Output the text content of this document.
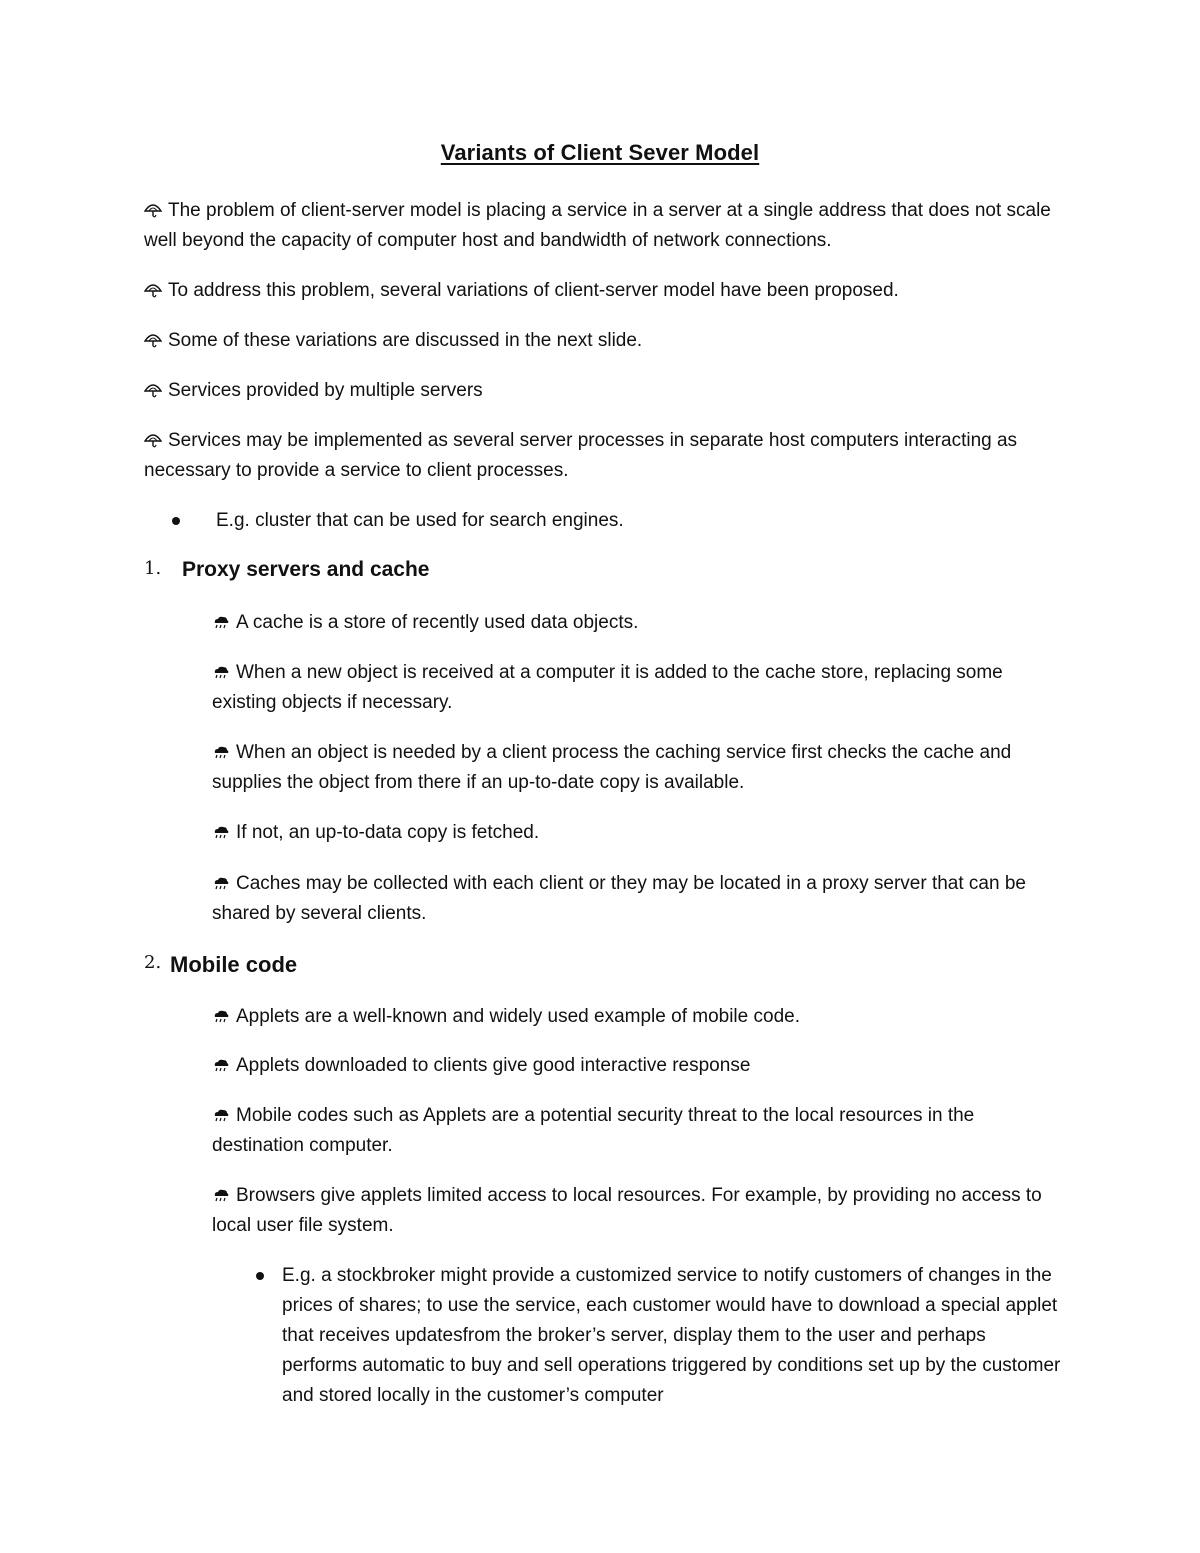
Variants of Client Sever Model

The problem of client-server model is placing a service in a server at a single address that does not scale well beyond the capacity of computer host and bandwidth of network connections.

To address this problem, several variations of client-server model have been proposed.

Some of these variations are discussed in the next slide.

Services provided by multiple servers

Services may be implemented as several server processes in separate host computers interacting as necessary to provide a service to client processes.

E.g. cluster that can be used for search engines.
1. Proxy servers and cache

A cache is a store of recently used data objects.

When a new object is received at a computer it is added to the cache store, replacing some existing objects if necessary.

When an object is needed by a client process the caching service first checks the cache and supplies the object from there if an up-to-date copy is available.

If not, an up-to-data copy is fetched.

Caches may be collected with each client or they may be located in a proxy server that can be shared by several clients.

2. Mobile code

Applets are a well-known and widely used example of mobile code.

Applets downloaded to clients give good interactive response

Mobile codes such as Applets are a potential security threat to the local resources in the destination computer.

Browsers give applets limited access to local resources. For example, by providing no access to local user file system.

E.g. a stockbroker might provide a customized service to notify customers of changes in the prices of shares; to use the service, each customer would have to download a special applet that receives updatesfrom the broker’s server, display them to the user and perhaps performs automatic to buy and sell operations triggered by conditions set up by the customer and stored locally in the customer’s computer
